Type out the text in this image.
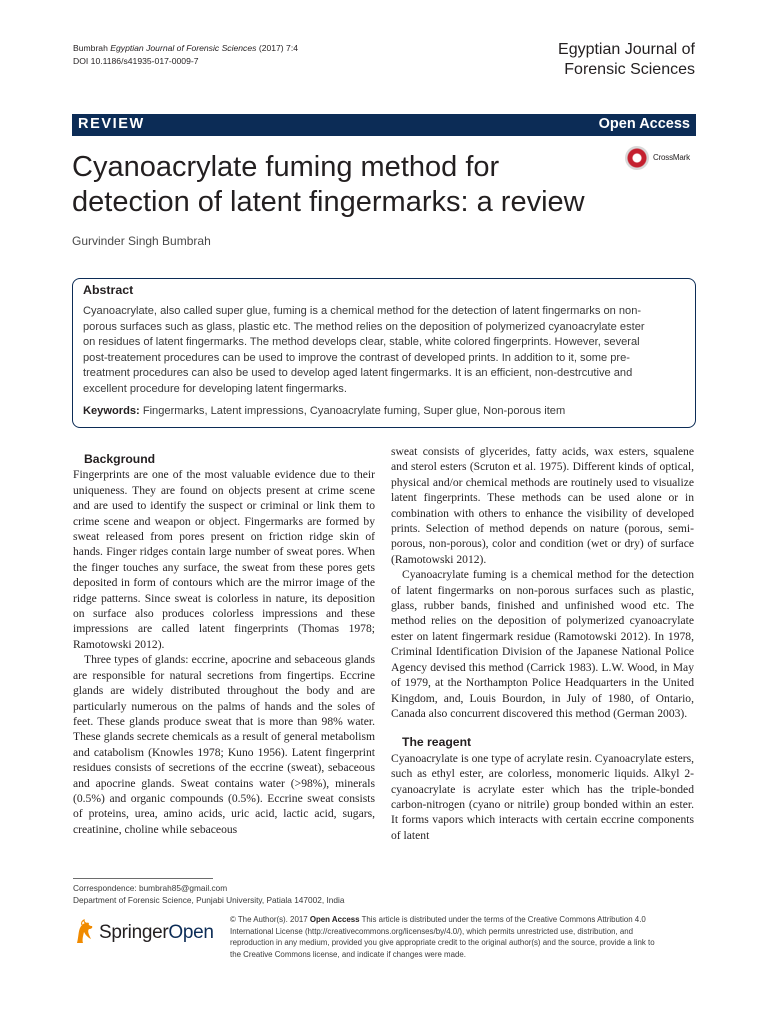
Bumbrah Egyptian Journal of Forensic Sciences (2017) 7:4
DOI 10.1186/s41935-017-0009-7
Egyptian Journal of
Forensic Sciences
REVIEW	Open Access
Cyanoacrylate fuming method for
detection of latent fingermarks: a review
CrossMark
Gurvinder Singh Bumbrah
Abstract
Cyanoacrylate, also called super glue, fuming is a chemical method for the detection of latent fingermarks on non-
porous surfaces such as glass, plastic etc. The method relies on the deposition of polymerized cyanoacrylate ester
on residues of latent fingermarks. The method develops clear, stable, white colored fingerprints. However, several
post-treatement procedures can be used to improve the contrast of developed prints. In addition to it, some pre-
treatment procedures can also be used to develop aged latent fingermarks. It is an efficient, non-destrcutive and
excellent procedure for developing latent fingermarks.
Keywords: Fingermarks, Latent impressions, Cyanoacrylate fuming, Super glue, Non-porous item

Background

Fingerprints are one of the most valuable evidence due to their uniqueness. They are found on objects present at crime scene and are used to identify the suspect or criminal or link them to crime scene and weapon or object. Fingermarks are formed by sweat released from pores present on friction ridge skin of hands. Finger ridges contain large number of sweat pores. When the finger touches any surface, the sweat from these pores gets deposited in form of contours which are the mirror image of the ridge patterns. Since sweat is colorless in nature, its deposition on surface also produces colorless impressions and these impressions are called latent fingerprints (Thomas 1978; Ramotowski 2012).

Three types of glands: eccrine, apocrine and sebaceous glands are responsible for natural secretions from fingertips. Eccrine glands are widely distributed throughout the body and are particularly numerous on the palms of hands and the soles of feet. These glands produce sweat that is more than 98% water. These glands secrete chemicals as a result of general metabolism and catabolism (Knowles 1978; Kuno 1956). Latent fingerprint residues consists of secretions of the eccrine (sweat), sebaceous and apocrine glands. Sweat contains water (>98%), minerals (0.5%) and organic compounds (0.5%). Eccrine sweat consists of proteins, urea, amino acids, uric acid, lactic acid, sugars, creatinine, choline while sebaceous

sweat consists of glycerides, fatty acids, wax esters, squalene and sterol esters (Scruton et al. 1975). Different kinds of optical, physical and/or chemical methods are routinely used to visualize latent fingerprints. These methods can be used alone or in combination with others to enhance the visibility of developed prints. Selection of method depends on nature (porous, semi-porous, non-porous), color and condition (wet or dry) of surface (Ramotowski 2012).

Cyanoacrylate fuming is a chemical method for the detection of latent fingermarks on non-porous surfaces such as plastic, glass, rubber bands, finished and unfinished wood etc. The method relies on the deposition of polymerized cyanoacrylate ester on latent fingermark residue (Ramotowski 2012). In 1978, Criminal Identification Division of the Japanese National Police Agency devised this method (Carrick 1983). L.W. Wood, in May of 1979, at the Northampton Police Headquarters in the United Kingdom, and, Louis Bourdon, in July of 1980, of Ontario, Canada also concurrent discovered this method (German 2003).

The reagent

Cyanoacrylate is one type of acrylate resin. Cyanoacrylate esters, such as ethyl ester, are colorless, monomeric liquids. Alkyl 2-cyanoacrylate is acrylate ester which has the triple-bonded carbon-nitrogen (cyano or nitrile) group bonded within an ester. It forms vapors which interacts with certain eccrine components of latent

Correspondence: bumbrah85@gmail.com
Department of Forensic Science, Punjabi University, Patiala 147002, India
SpringerOpen
© The Author(s). 2017 Open Access This article is distributed under the terms of the Creative Commons Attribution 4.0
International License (http://creativecommons.org/licenses/by/4.0/), which permits unrestricted use, distribution, and
reproduction in any medium, provided you give appropriate credit to the original author(s) and the source, provide a link to
the Creative Commons license, and indicate if changes were made.
